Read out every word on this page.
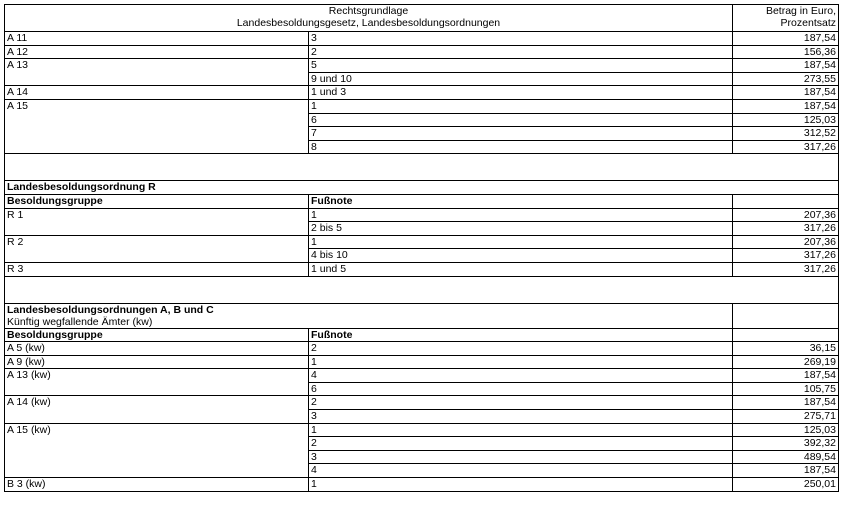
Rechtsgrundlage
Landesbesoldungsgesetz, Landesbesoldungsordnungen		Betrag in Euro,
Prozentsatz

A 11	3	187,54
A 12	2	156,36
A 13	5	187,54
	9 und 10	273,55
A 14	1 und 3	187,54
A 15	1	187,54
	6	125,03
	7	312,52
	8	317,26

Landesbesoldungsordnung R		
Besoldungsgruppe	Fußnote	
R 1	1	207,36
	2 bis 5	317,26
R 2	1	207,36
	4 bis 10	317,26
R 3	1 und 5	317,26

Landesbesoldungsordnungen A, B und C
Künftig wegfallende Ämter (kw)		

Besoldungsgruppe	Fußnote	
A 5 (kw)	2	36,15
A 9 (kw)	1	269,19
A 13 (kw)	4	187,54
	6	105,75
A 14 (kw)	2	187,54
	3	275,71
A 15 (kw)	1	125,03
	2	392,32
	3	489,54
	4	187,54
B 3 (kw)	1	250,01
